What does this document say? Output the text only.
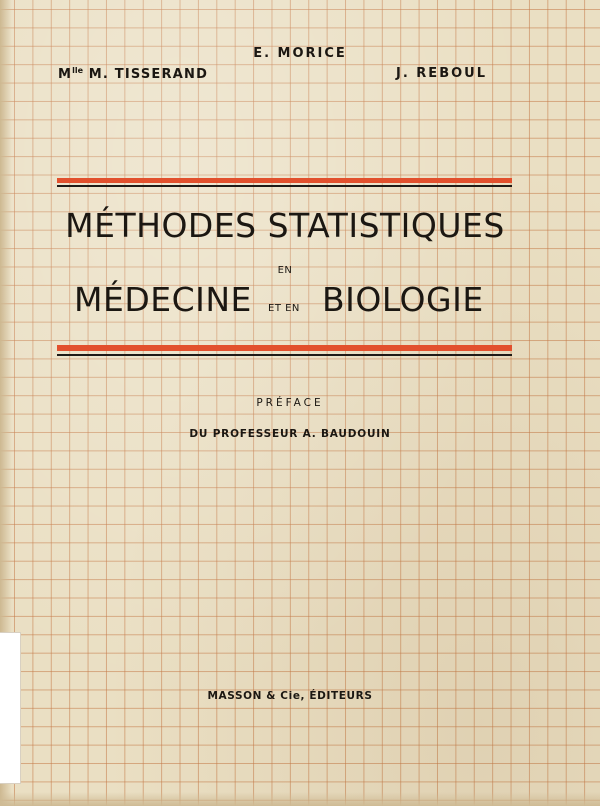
E. MORICE
$M^{lle}$ M. TISSERAND	J. REBOUL
MÉTHODES STATISTIQUES
EN
MÉDECINE ET EN BIOLOGIE
PRÉFACE
DU PROFESSEUR A. BAUDOUIN
MASSON & Cie, ÉDITEURS
